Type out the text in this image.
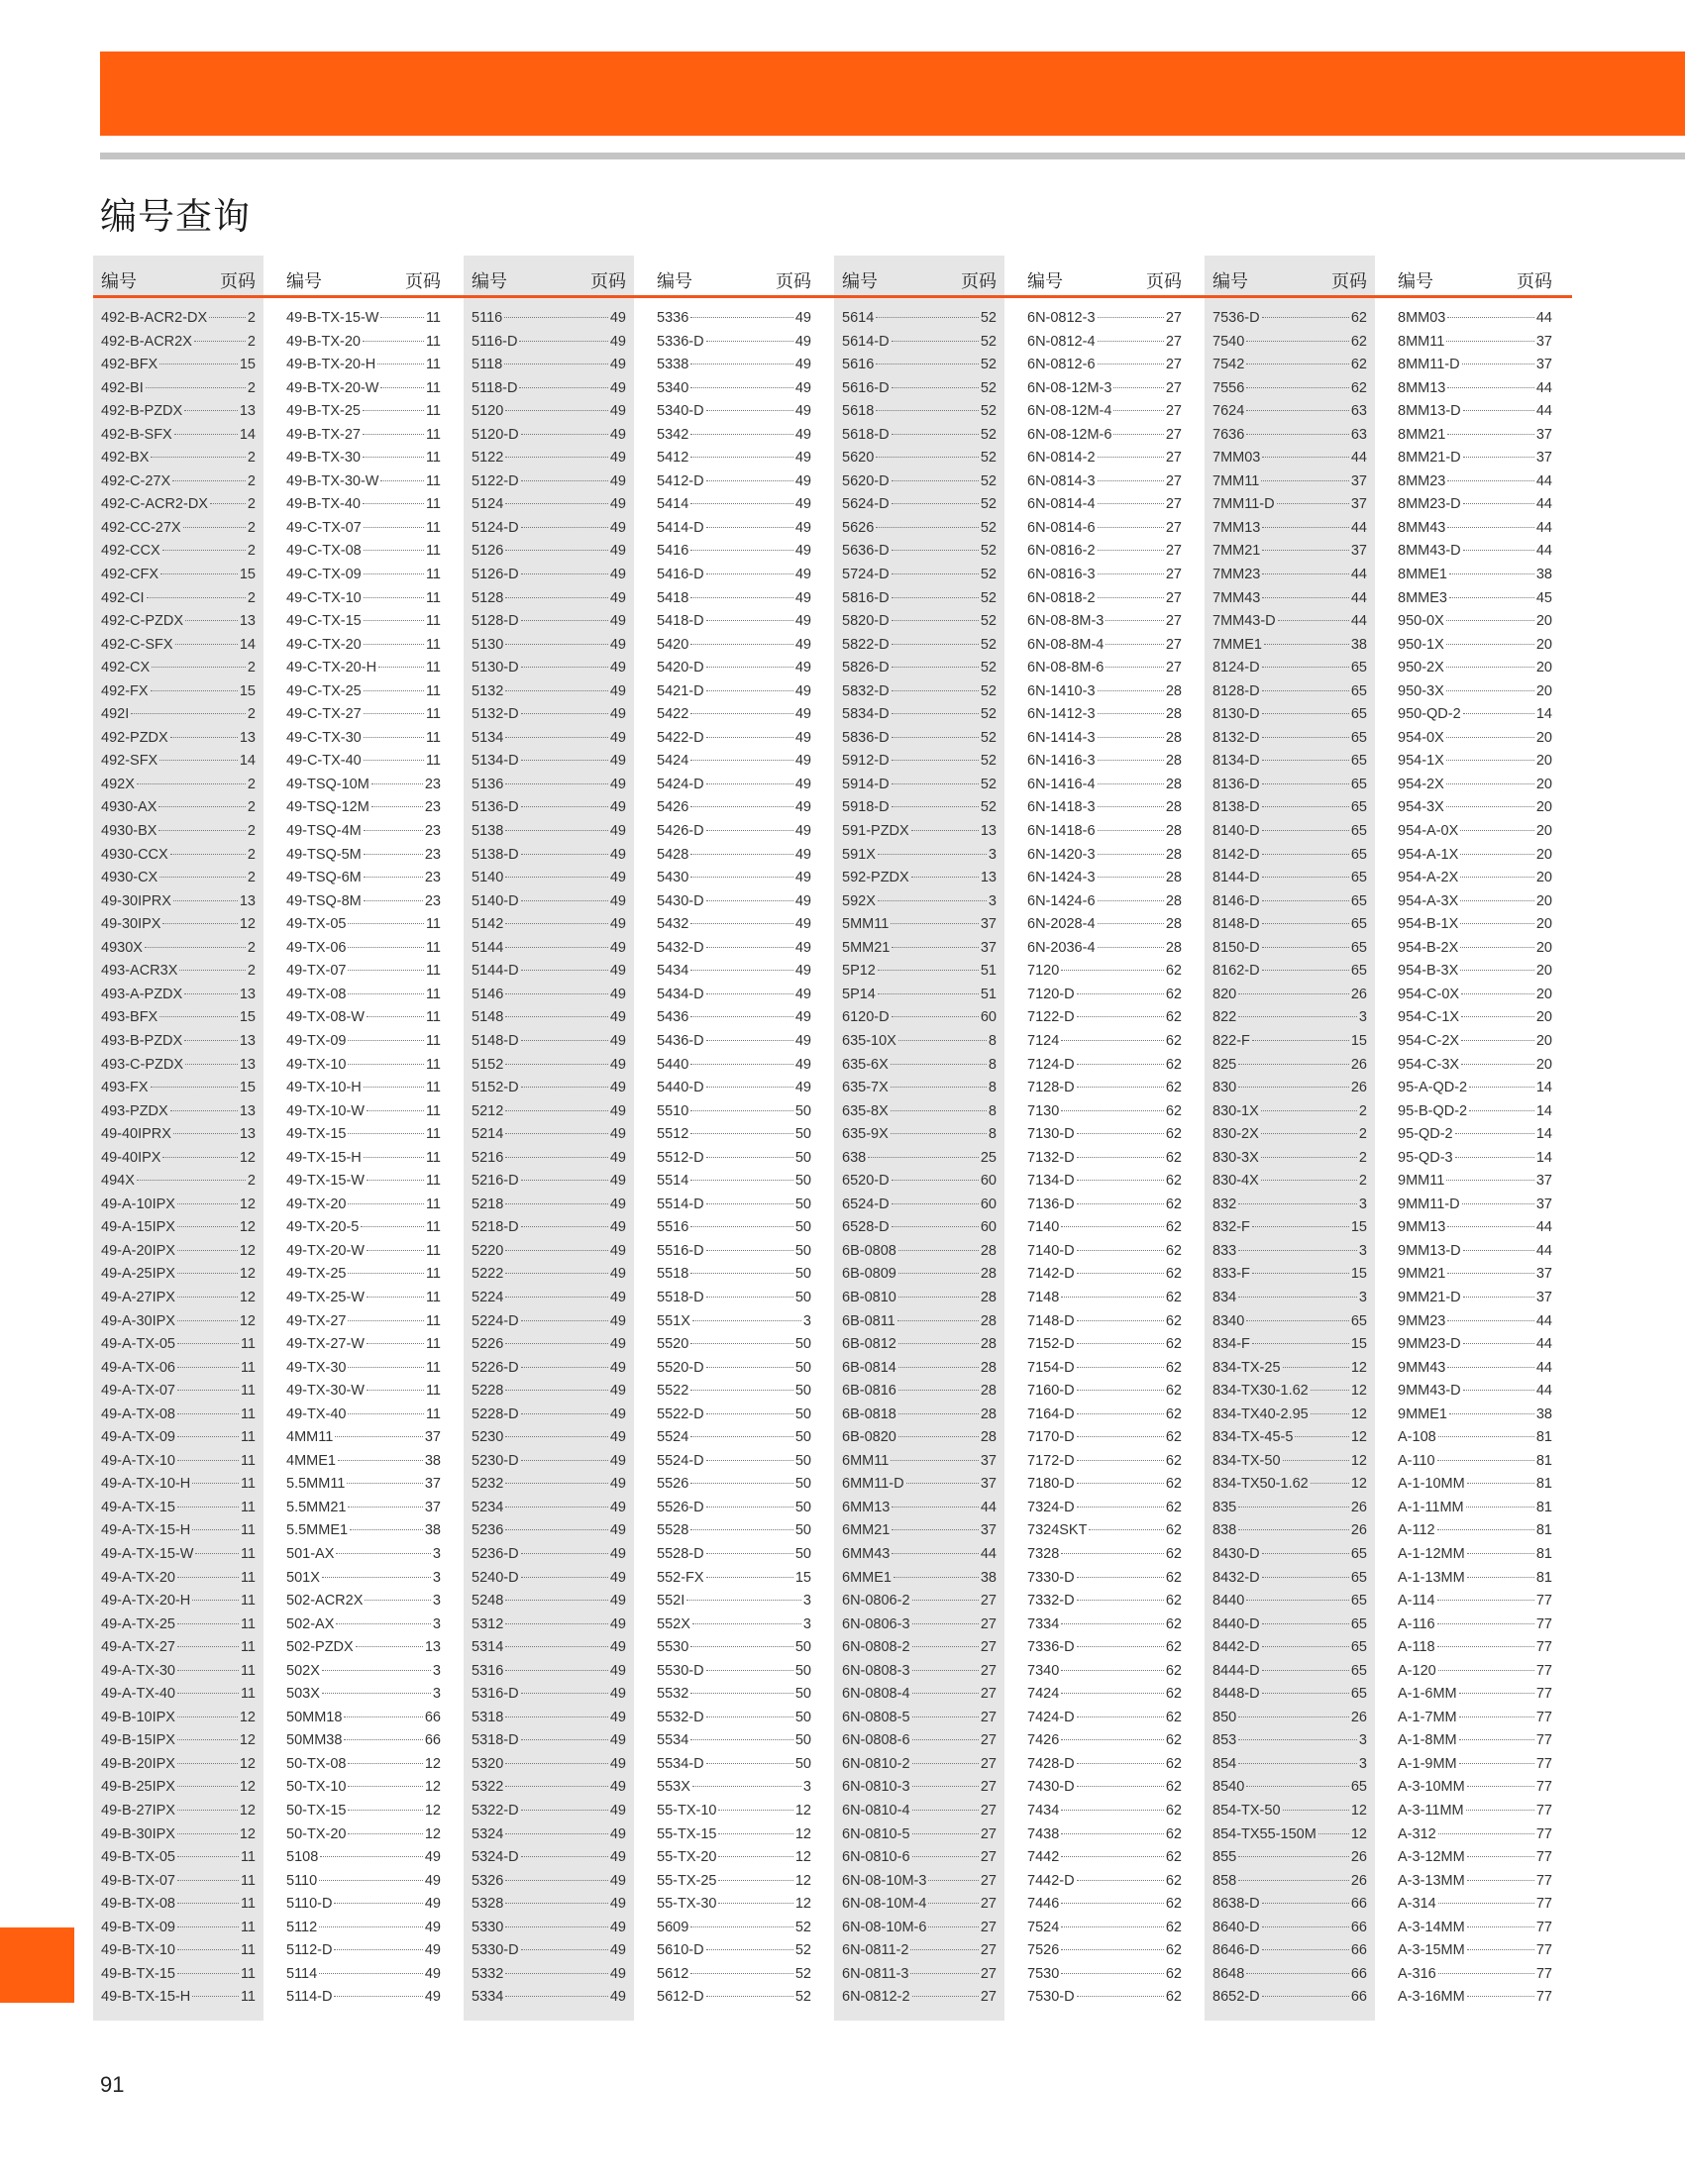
编号查询
编号	页码
492-B-ACR2-DX	2
492-B-ACR2X	2
492-BFX	15
492-BI	2
492-B-PZDX	13
492-B-SFX	14
492-BX	2
492-C-27X	2
492-C-ACR2-DX	2
492-CC-27X	2
492-CCX	2
492-CFX	15
492-CI	2
492-C-PZDX	13
492-C-SFX	14
492-CX	2
492-FX	15
492I	2
492-PZDX	13
492-SFX	14
492X	2
4930-AX	2
4930-BX	2
4930-CCX	2
4930-CX	2
49-30IPRX	13
49-30IPX	12
4930X	2
493-ACR3X	2
493-A-PZDX	13
493-BFX	15
493-B-PZDX	13
493-C-PZDX	13
493-FX	15
493-PZDX	13
49-40IPRX	13
49-40IPX	12
494X	2
49-A-10IPX	12
49-A-15IPX	12
49-A-20IPX	12
49-A-25IPX	12
49-A-27IPX	12
49-A-30IPX	12
49-A-TX-05	11
49-A-TX-06	11
49-A-TX-07	11
49-A-TX-08	11
49-A-TX-09	11
49-A-TX-10	11
49-A-TX-10-H	11
49-A-TX-15	11
49-A-TX-15-H	11
49-A-TX-15-W	11
49-A-TX-20	11
49-A-TX-20-H	11
49-A-TX-25	11
49-A-TX-27	11
49-A-TX-30	11
49-A-TX-40	11
49-B-10IPX	12
49-B-15IPX	12
49-B-20IPX	12
49-B-25IPX	12
49-B-27IPX	12
49-B-30IPX	12
49-B-TX-05	11
49-B-TX-07	11
49-B-TX-08	11
49-B-TX-09	11
49-B-TX-10	11
49-B-TX-15	11
49-B-TX-15-H	11
编号	页码
49-B-TX-15-W	11
49-B-TX-20	11
49-B-TX-20-H	11
49-B-TX-20-W	11
49-B-TX-25	11
49-B-TX-27	11
49-B-TX-30	11
49-B-TX-30-W	11
49-B-TX-40	11
49-C-TX-07	11
49-C-TX-08	11
49-C-TX-09	11
49-C-TX-10	11
49-C-TX-15	11
49-C-TX-20	11
49-C-TX-20-H	11
49-C-TX-25	11
49-C-TX-27	11
49-C-TX-30	11
49-C-TX-40	11
49-TSQ-10M	23
49-TSQ-12M	23
49-TSQ-4M	23
49-TSQ-5M	23
49-TSQ-6M	23
49-TSQ-8M	23
49-TX-05	11
49-TX-06	11
49-TX-07	11
49-TX-08	11
49-TX-08-W	11
49-TX-09	11
49-TX-10	11
49-TX-10-H	11
49-TX-10-W	11
49-TX-15	11
49-TX-15-H	11
49-TX-15-W	11
49-TX-20	11
49-TX-20-5	11
49-TX-20-W	11
49-TX-25	11
49-TX-25-W	11
49-TX-27	11
49-TX-27-W	11
49-TX-30	11
49-TX-30-W	11
49-TX-40	11
4MM11	37
4MME1	38
5.5MM11	37
5.5MM21	37
5.5MME1	38
501-AX	3
501X	3
502-ACR2X	3
502-AX	3
502-PZDX	13
502X	3
503X	3
50MM18	66
50MM38	66
50-TX-08	12
50-TX-10	12
50-TX-15	12
50-TX-20	12
5108	49
5110	49
5110-D	49
5112	49
5112-D	49
5114	49
5114-D	49
编号	页码
5116	49
5116-D	49
5118	49
5118-D	49
5120	49
5120-D	49
5122	49
5122-D	49
5124	49
5124-D	49
5126	49
5126-D	49
5128	49
5128-D	49
5130	49
5130-D	49
5132	49
5132-D	49
5134	49
5134-D	49
5136	49
5136-D	49
5138	49
5138-D	49
5140	49
5140-D	49
5142	49
5144	49
5144-D	49
5146	49
5148	49
5148-D	49
5152	49
5152-D	49
5212	49
5214	49
5216	49
5216-D	49
5218	49
5218-D	49
5220	49
5222	49
5224	49
5224-D	49
5226	49
5226-D	49
5228	49
5228-D	49
5230	49
5230-D	49
5232	49
5234	49
5236	49
5236-D	49
5240-D	49
5248	49
5312	49
5314	49
5316	49
5316-D	49
5318	49
5318-D	49
5320	49
5322	49
5322-D	49
5324	49
5324-D	49
5326	49
5328	49
5330	49
5330-D	49
5332	49
5334	49
编号	页码
5336	49
5336-D	49
5338	49
5340	49
5340-D	49
5342	49
5412	49
5412-D	49
5414	49
5414-D	49
5416	49
5416-D	49
5418	49
5418-D	49
5420	49
5420-D	49
5421-D	49
5422	49
5422-D	49
5424	49
5424-D	49
5426	49
5426-D	49
5428	49
5430	49
5430-D	49
5432	49
5432-D	49
5434	49
5434-D	49
5436	49
5436-D	49
5440	49
5440-D	49
5510	50
5512	50
5512-D	50
5514	50
5514-D	50
5516	50
5516-D	50
5518	50
5518-D	50
551X	3
5520	50
5520-D	50
5522	50
5522-D	50
5524	50
5524-D	50
5526	50
5526-D	50
5528	50
5528-D	50
552-FX	15
552I	3
552X	3
5530	50
5530-D	50
5532	50
5532-D	50
5534	50
5534-D	50
553X	3
55-TX-10	12
55-TX-15	12
55-TX-20	12
55-TX-25	12
55-TX-30	12
5609	52
5610-D	52
5612	52
5612-D	52
编号	页码
5614	52
5614-D	52
5616	52
5616-D	52
5618	52
5618-D	52
5620	52
5620-D	52
5624-D	52
5626	52
5636-D	52
5724-D	52
5816-D	52
5820-D	52
5822-D	52
5826-D	52
5832-D	52
5834-D	52
5836-D	52
5912-D	52
5914-D	52
5918-D	52
591-PZDX	13
591X	3
592-PZDX	13
592X	3
5MM11	37
5MM21	37
5P12	51
5P14	51
6120-D	60
635-10X	8
635-6X	8
635-7X	8
635-8X	8
635-9X	8
638	25
6520-D	60
6524-D	60
6528-D	60
6B-0808	28
6B-0809	28
6B-0810	28
6B-0811	28
6B-0812	28
6B-0814	28
6B-0816	28
6B-0818	28
6B-0820	28
6MM11	37
6MM11-D	37
6MM13	44
6MM21	37
6MM43	44
6MME1	38
6N-0806-2	27
6N-0806-3	27
6N-0808-2	27
6N-0808-3	27
6N-0808-4	27
6N-0808-5	27
6N-0808-6	27
6N-0810-2	27
6N-0810-3	27
6N-0810-4	27
6N-0810-5	27
6N-0810-6	27
6N-08-10M-3	27
6N-08-10M-4	27
6N-08-10M-6	27
6N-0811-2	27
6N-0811-3	27
6N-0812-2	27
编号	页码
6N-0812-3	27
6N-0812-4	27
6N-0812-6	27
6N-08-12M-3	27
6N-08-12M-4	27
6N-08-12M-6	27
6N-0814-2	27
6N-0814-3	27
6N-0814-4	27
6N-0814-6	27
6N-0816-2	27
6N-0816-3	27
6N-0818-2	27
6N-08-8M-3	27
6N-08-8M-4	27
6N-08-8M-6	27
6N-1410-3	28
6N-1412-3	28
6N-1414-3	28
6N-1416-3	28
6N-1416-4	28
6N-1418-3	28
6N-1418-6	28
6N-1420-3	28
6N-1424-3	28
6N-1424-6	28
6N-2028-4	28
6N-2036-4	28
7120	62
7120-D	62
7122-D	62
7124	62
7124-D	62
7128-D	62
7130	62
7130-D	62
7132-D	62
7134-D	62
7136-D	62
7140	62
7140-D	62
7142-D	62
7148	62
7148-D	62
7152-D	62
7154-D	62
7160-D	62
7164-D	62
7170-D	62
7172-D	62
7180-D	62
7324-D	62
7324SKT	62
7328	62
7330-D	62
7332-D	62
7334	62
7336-D	62
7340	62
7424	62
7424-D	62
7426	62
7428-D	62
7430-D	62
7434	62
7438	62
7442	62
7442-D	62
7446	62
7524	62
7526	62
7530	62
7530-D	62
编号	页码
7536-D	62
7540	62
7542	62
7556	62
7624	63
7636	63
7MM03	44
7MM11	37
7MM11-D	37
7MM13	44
7MM21	37
7MM23	44
7MM43	44
7MM43-D	44
7MME1	38
8124-D	65
8128-D	65
8130-D	65
8132-D	65
8134-D	65
8136-D	65
8138-D	65
8140-D	65
8142-D	65
8144-D	65
8146-D	65
8148-D	65
8150-D	65
8162-D	65
820	26
822	3
822-F	15
825	26
830	26
830-1X	2
830-2X	2
830-3X	2
830-4X	2
832	3
832-F	15
833	3
833-F	15
834	3
8340	65
834-F	15
834-TX-25	12
834-TX30-1.62	12
834-TX40-2.95	12
834-TX-45-5	12
834-TX-50	12
834-TX50-1.62	12
835	26
838	26
8430-D	65
8432-D	65
8440	65
8440-D	65
8442-D	65
8444-D	65
8448-D	65
850	26
853	3
854	3
8540	65
854-TX-50	12
854-TX55-150M 12
855	26
858	26
8638-D	66
8640-D	66
8646-D	66
8648	66
8652-D	66
编号	页码
8MM03	44
8MM11	37
8MM11-D	37
8MM13	44
8MM13-D	44
8MM21	37
8MM21-D	37
8MM23	44
8MM23-D	44
8MM43	44
8MM43-D	44
8MME1	38
8MME3	45
950-0X	20
950-1X	20
950-2X	20
950-3X	20
950-QD-2	14
954-0X	20
954-1X	20
954-2X	20
954-3X	20
954-A-0X	20
954-A-1X	20
954-A-2X	20
954-A-3X	20
954-B-1X	20
954-B-2X	20
954-B-3X	20
954-C-0X	20
954-C-1X	20
954-C-2X	20
954-C-3X	20
95-A-QD-2	14
95-B-QD-2	14
95-QD-2	14
95-QD-3	14
9MM11	37
9MM11-D	37
9MM13	44
9MM13-D	44
9MM21	37
9MM21-D	37
9MM23	44
9MM23-D	44
9MM43	44
9MM43-D	44
9MME1	38
A-108	81
A-110	81
A-1-10MM	81
A-1-11MM	81
A-112	81
A-1-12MM	81
A-1-13MM	81
A-114	77
A-116	77
A-118	77
A-120	77
A-1-6MM	77
A-1-7MM	77
A-1-8MM	77
A-1-9MM	77
A-3-10MM	77
A-3-11MM	77
A-312	77
A-3-12MM	77
A-3-13MM	77
A-314	77
A-3-14MM	77
A-3-15MM	77
A-316	77
A-3-16MM	77
91
